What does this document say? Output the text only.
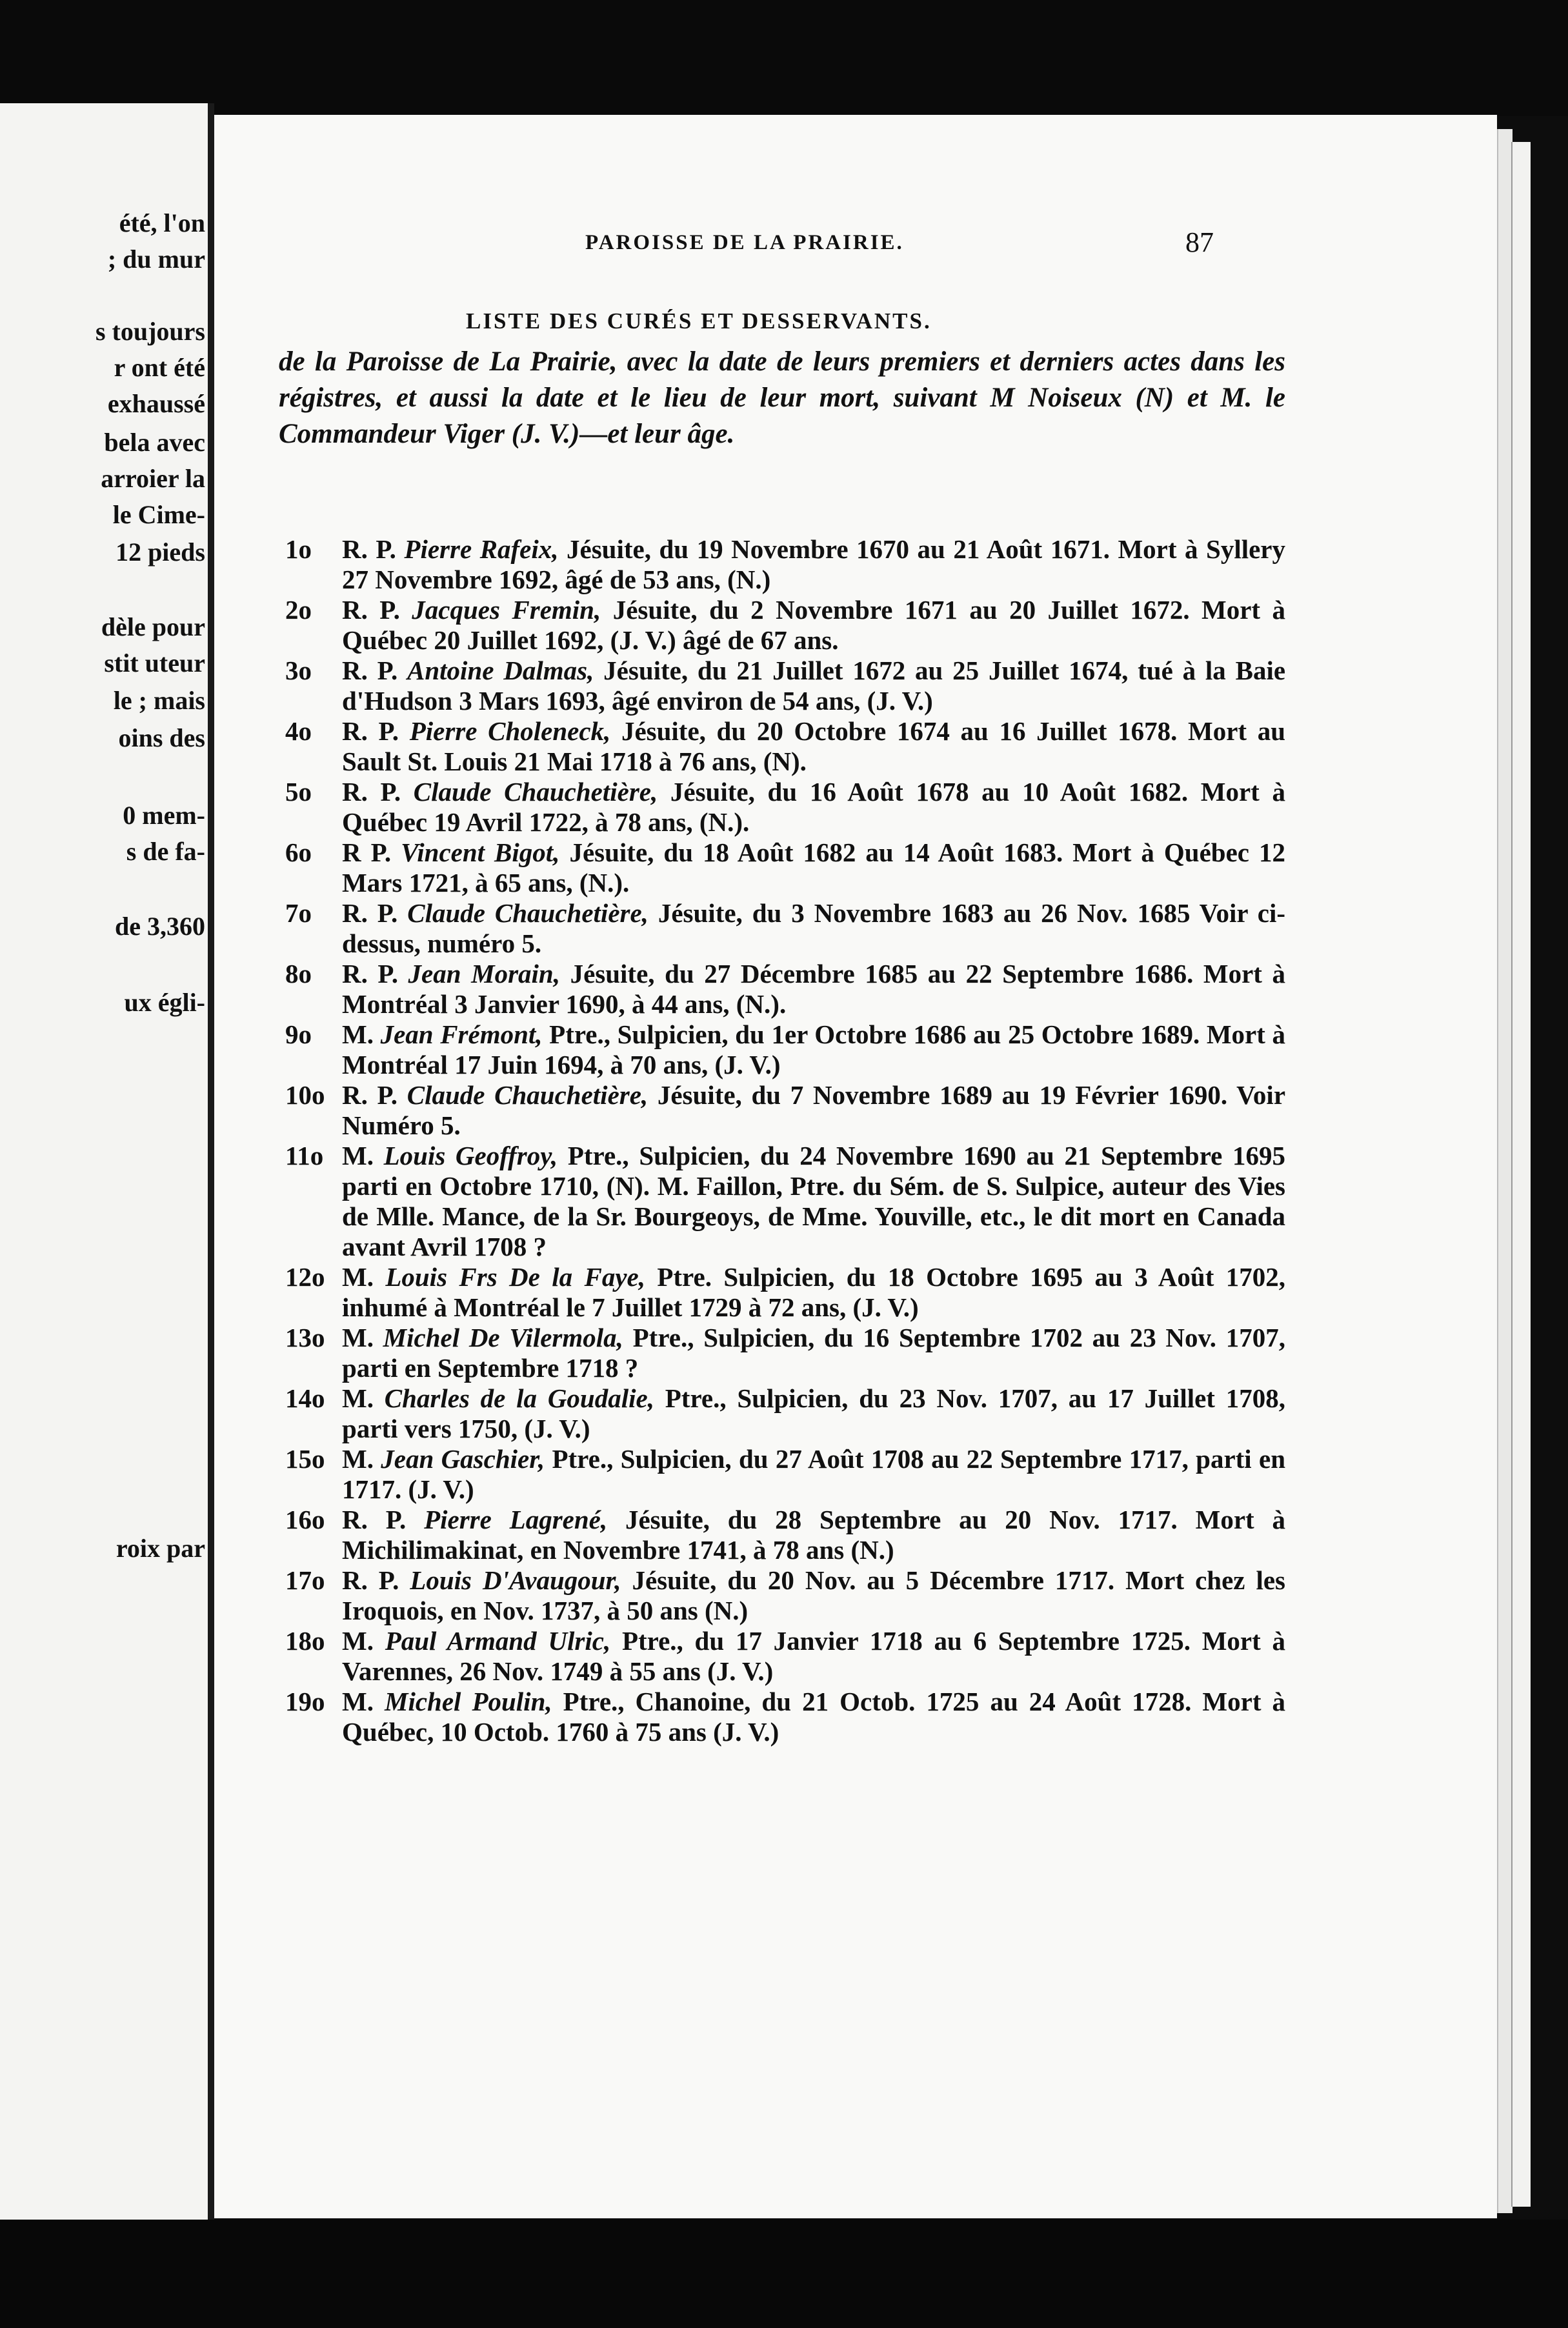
été, l'on
; du mur
s toujours
r ont été
exhaussé
bela avec
arroier la
le Cime-
12 pieds
dèle pour
stit uteur
le ; mais
oins des
0 mem-
s de fa-
de 3,360
ux égli-
roix par
PAROISSE DE LA PRAIRIE.	87
LISTE DES CURÉS ET DESSERVANTS.
de la Paroisse de La Prairie, avec la date de leurs premiers et derniers actes dans les régistres, et aussi la date et le lieu de leur mort, suivant M Noiseux (N) et M. le Commandeur Viger (J. V.)—et leur âge.
1o R. P. Pierre Rafeix, Jésuite, du 19 Novembre 1670 au 21 Août 1671. Mort à Syllery 27 Novembre 1692, âgé de 53 ans, (N.)
2o R. P. Jacques Fremin, Jésuite, du 2 Novembre 1671 au 20 Juillet 1672. Mort à Québec 20 Juillet 1692, (J. V.) âgé de 67 ans.
3o R. P. Antoine Dalmas, Jésuite, du 21 Juillet 1672 au 25 Juillet 1674, tué à la Baie d'Hudson 3 Mars 1693, âgé environ de 54 ans, (J. V.)
4o R. P. Pierre Choleneck, Jésuite, du 20 Octobre 1674 au 16 Juillet 1678. Mort au Sault St. Louis 21 Mai 1718 à 76 ans, (N).
5o R. P. Claude Chauchetière, Jésuite, du 16 Août 1678 au 10 Août 1682. Mort à Québec 19 Avril 1722, à 78 ans, (N.).
6o R P. Vincent Bigot, Jésuite, du 18 Août 1682 au 14 Août 1683. Mort à Québec 12 Mars 1721, à 65 ans, (N.).
7o R. P. Claude Chauchetière, Jésuite, du 3 Novembre 1683 au 26 Nov. 1685 Voir ci-dessus, numéro 5.
8o R. P. Jean Morain, Jésuite, du 27 Décembre 1685 au 22 Septembre 1686. Mort à Montréal 3 Janvier 1690, à 44 ans, (N.).
9o M. Jean Frémont, Ptre., Sulpicien, du 1er Octobre 1686 au 25 Octobre 1689. Mort à Montréal 17 Juin 1694, à 70 ans, (J. V.)
10o R. P. Claude Chauchetière, Jésuite, du 7 Novembre 1689 au 19 Février 1690. Voir Numéro 5.
11o M. Louis Geoffroy, Ptre., Sulpicien, du 24 Novembre 1690 au 21 Septembre 1695 parti en Octobre 1710, (N). M. Faillon, Ptre. du Sém. de S. Sulpice, auteur des Vies de Mlle. Mance, de la Sr. Bourgeoys, de Mme. Youville, etc., le dit mort en Canada avant Avril 1708 ?
12o M. Louis Frs De la Faye, Ptre. Sulpicien, du 18 Octobre 1695 au 3 Août 1702, inhumé à Montréal le 7 Juillet 1729 à 72 ans, (J. V.)
13o M. Michel De Vilermola, Ptre., Sulpicien, du 16 Septembre 1702 au 23 Nov. 1707, parti en Septembre 1718 ?
14o M. Charles de la Goudalie, Ptre., Sulpicien, du 23 Nov. 1707, au 17 Juillet 1708, parti vers 1750, (J. V.)
15o M. Jean Gaschier, Ptre., Sulpicien, du 27 Août 1708 au 22 Septembre 1717, parti en 1717. (J. V.)
16o R. P. Pierre Lagrené, Jésuite, du 28 Septembre au 20 Nov. 1717. Mort à Michilimakinat, en Novembre 1741, à 78 ans (N.)
17o R. P. Louis D'Avaugour, Jésuite, du 20 Nov. au 5 Décembre 1717. Mort chez les Iroquois, en Nov. 1737, à 50 ans (N.)
18o M. Paul Armand Ulric, Ptre., du 17 Janvier 1718 au 6 Septembre 1725. Mort à Varennes, 26 Nov. 1749 à 55 ans (J. V.)
19o M. Michel Poulin, Ptre., Chanoine, du 21 Octob. 1725 au 24 Août 1728. Mort à Québec, 10 Octob. 1760 à 75 ans (J. V.)
